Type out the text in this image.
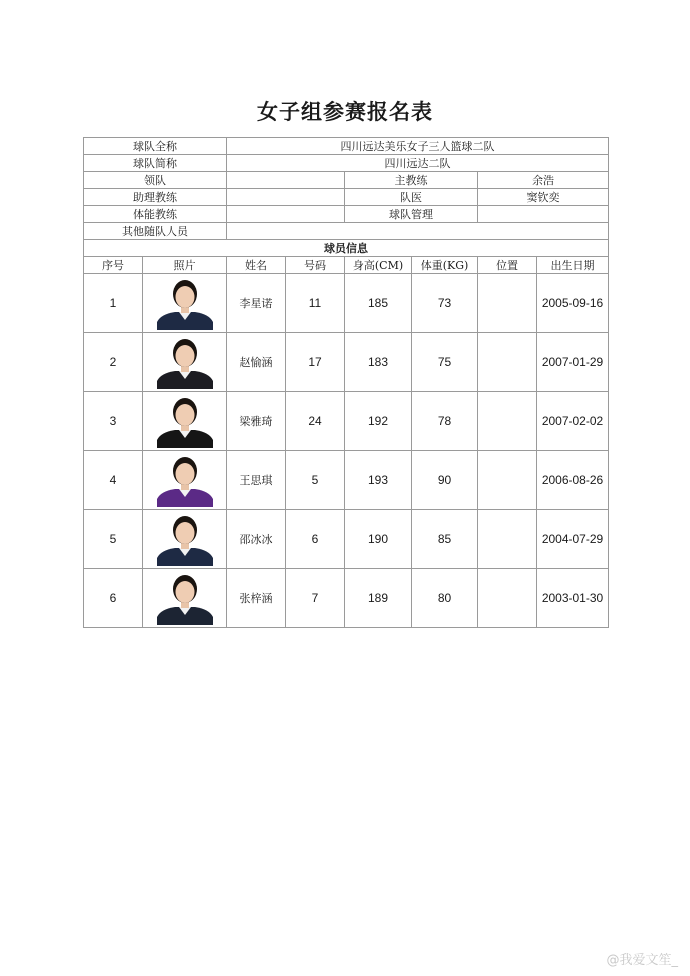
女子组参赛报名表
球队全称		四川远达美乐女子三人篮球二队					
球队简称		四川远达二队					
领队				主教练		余浩	
助理教练				队医		窦钦奕	
体能教练				球队管理			
其他随队人员							
球员信息							
序号	照片	姓名	号码	身高(CM)	体重(KG)	位置	出生日期
1		李星诺	11	185	73		2005-09-16
2		赵愉涵	17	183	75		2007-01-29
3		梁雅琦	24	192	78		2007-02-02
4		王思琪	5	193	90		2006-08-26
5		邵冰冰	6	190	85		2004-07-29
6		张梓涵	7	189	80		2003-01-30
@我爱文笙_
